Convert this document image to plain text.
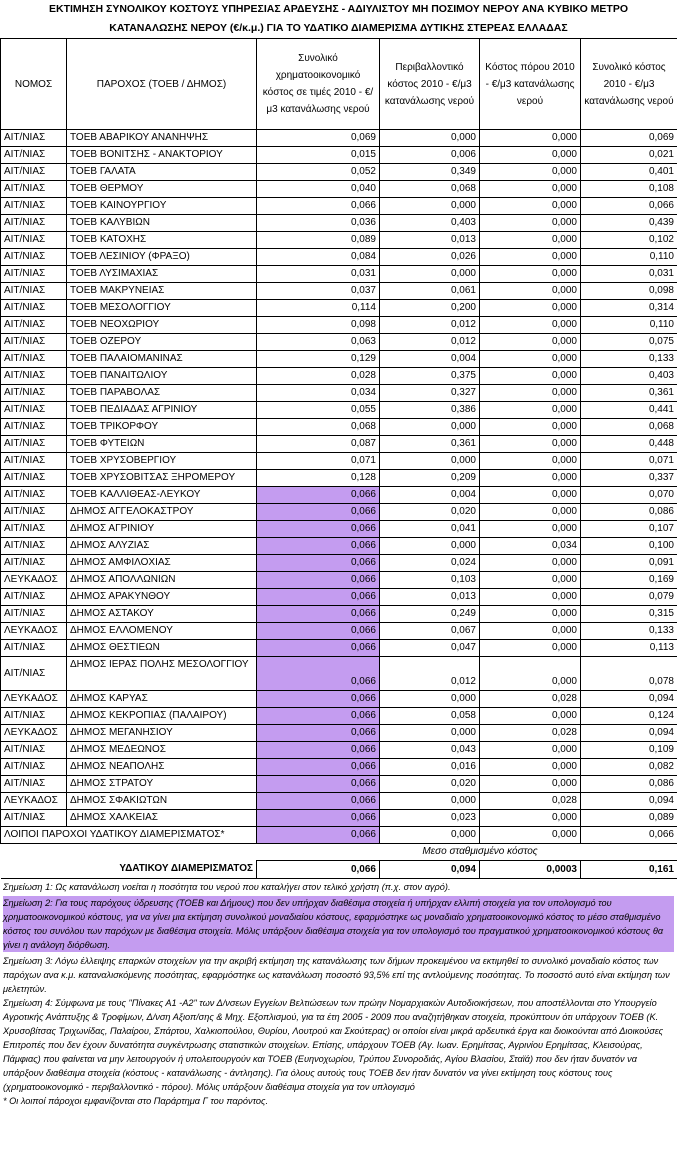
ΕΚΤΙΜΗΣΗ ΣΥΝΟΛΙΚΟΥ ΚΟΣΤΟΥΣ ΥΠΗΡΕΣΙΑΣ ΑΡΔΕΥΣΗΣ - ΑΔΙΥΛΙΣΤΟΥ ΜΗ ΠΟΣΙΜΟΥ ΝΕΡΟΥ ΑΝΑ ΚΥΒΙΚΟ ΜΕΤΡΟ
ΚΑΤΑΝΑΛΩΣΗΣ ΝΕΡΟΥ (€/κ.μ.) ΓΙΑ ΤΟ ΥΔΑΤΙΚΟ ΔΙΑΜΕΡΙΣΜΑ ΔΥΤΙΚΗΣ ΣΤΕΡΕΑΣ ΕΛΛΑΔΑΣ
ΝΟΜΟΣ	ΠΑΡΟΧΟΣ (ΤΟΕΒ / ΔΗΜΟΣ)	Συνολικό χρηματοοικονομικό κόστος σε τιμές 2010 - €/μ3 κατανάλωσης νερού	Περιβαλλοντικό κόστος 2010 - €/μ3 κατανάλωσης νερού	Κόστος πόρου 2010 - €/μ3 κατανάλωσης νερού	Συνολικό κόστος 2010 - €/μ3 κατανάλωσης νερού
ΑΙΤ/ΝΙΑΣ	ΤΟΕΒ ΑΒΑΡΙΚΟΥ ΑΝΑΝΗΨΗΣ	0,069	0,000	0,000	0,069
ΑΙΤ/ΝΙΑΣ	ΤΟΕΒ ΒΟΝΙΤΣΗΣ - ΑΝΑΚΤΟΡΙΟΥ	0,015	0,006	0,000	0,021
ΑΙΤ/ΝΙΑΣ	ΤΟΕΒ ΓΑΛΑΤΑ	0,052	0,349	0,000	0,401
ΑΙΤ/ΝΙΑΣ	ΤΟΕΒ ΘΕΡΜΟΥ	0,040	0,068	0,000	0,108
ΑΙΤ/ΝΙΑΣ	ΤΟΕΒ ΚΑΙΝΟΥΡΓΙΟΥ	0,066	0,000	0,000	0,066
ΑΙΤ/ΝΙΑΣ	ΤΟΕΒ ΚΑΛΥΒΙΩΝ	0,036	0,403	0,000	0,439
ΑΙΤ/ΝΙΑΣ	ΤΟΕΒ ΚΑΤΟΧΗΣ	0,089	0,013	0,000	0,102
ΑΙΤ/ΝΙΑΣ	ΤΟΕΒ ΛΕΣΙΝΙΟΥ (ΦΡΑΞΟ)	0,084	0,026	0,000	0,110
ΑΙΤ/ΝΙΑΣ	ΤΟΕΒ ΛΥΣΙΜΑΧΙΑΣ	0,031	0,000	0,000	0,031
ΑΙΤ/ΝΙΑΣ	ΤΟΕΒ ΜΑΚΡΥΝΕΙΑΣ	0,037	0,061	0,000	0,098
ΑΙΤ/ΝΙΑΣ	ΤΟΕΒ ΜΕΣΟΛΟΓΓΙΟΥ	0,114	0,200	0,000	0,314
ΑΙΤ/ΝΙΑΣ	ΤΟΕΒ ΝΕΟΧΩΡΙΟΥ	0,098	0,012	0,000	0,110
ΑΙΤ/ΝΙΑΣ	ΤΟΕΒ ΟΖΕΡΟΥ	0,063	0,012	0,000	0,075
ΑΙΤ/ΝΙΑΣ	ΤΟΕΒ ΠΑΛΑΙΟΜΑΝΙΝΑΣ	0,129	0,004	0,000	0,133
ΑΙΤ/ΝΙΑΣ	ΤΟΕΒ ΠΑΝΑΙΤΩΛΙΟΥ	0,028	0,375	0,000	0,403
ΑΙΤ/ΝΙΑΣ	ΤΟΕΒ ΠΑΡΑΒΟΛΑΣ	0,034	0,327	0,000	0,361
ΑΙΤ/ΝΙΑΣ	ΤΟΕΒ ΠΕΔΙΑΔΑΣ ΑΓΡΙΝΙΟΥ	0,055	0,386	0,000	0,441
ΑΙΤ/ΝΙΑΣ	ΤΟΕΒ ΤΡΙΚΟΡΦΟΥ	0,068	0,000	0,000	0,068
ΑΙΤ/ΝΙΑΣ	ΤΟΕΒ ΦΥΤΕΙΩΝ	0,087	0,361	0,000	0,448
ΑΙΤ/ΝΙΑΣ	ΤΟΕΒ ΧΡΥΣΟΒΕΡΓΙΟΥ	0,071	0,000	0,000	0,071
ΑΙΤ/ΝΙΑΣ	ΤΟΕΒ ΧΡΥΣΟΒΙΤΣΑΣ ΞΗΡΟΜΕΡΟΥ	0,128	0,209	0,000	0,337
ΑΙΤ/ΝΙΑΣ	ΤΟΕΒ ΚΑΛΛΙΘΕΑΣ-ΛΕΥΚΟΥ	0,066	0,004	0,000	0,070
ΑΙΤ/ΝΙΑΣ	ΔΗΜΟΣ ΑΓΓΕΛΟΚΑΣΤΡΟΥ	0,066	0,020	0,000	0,086
ΑΙΤ/ΝΙΑΣ	ΔΗΜΟΣ ΑΓΡΙΝΙΟΥ	0,066	0,041	0,000	0,107
ΑΙΤ/ΝΙΑΣ	ΔΗΜΟΣ ΑΛΥΖΙΑΣ	0,066	0,000	0,034	0,100
ΑΙΤ/ΝΙΑΣ	ΔΗΜΟΣ ΑΜΦΙΛΟΧΙΑΣ	0,066	0,024	0,000	0,091
ΛΕΥΚΑΔΟΣ	ΔΗΜΟΣ ΑΠΟΛΛΩΝΙΩΝ	0,066	0,103	0,000	0,169
ΑΙΤ/ΝΙΑΣ	ΔΗΜΟΣ ΑΡΑΚΥΝΘΟΥ	0,066	0,013	0,000	0,079
ΑΙΤ/ΝΙΑΣ	ΔΗΜΟΣ ΑΣΤΑΚΟΥ	0,066	0,249	0,000	0,315
ΛΕΥΚΑΔΟΣ	ΔΗΜΟΣ ΕΛΛΟΜΕΝΟΥ	0,066	0,067	0,000	0,133
ΑΙΤ/ΝΙΑΣ	ΔΗΜΟΣ ΘΕΣΤΙΕΩΝ	0,066	0,047	0,000	0,113
ΑΙΤ/ΝΙΑΣ	ΔΗΜΟΣ ΙΕΡΑΣ ΠΟΛΗΣ ΜΕΣΟΛΟΓΓΙΟΥ	0,066	0,012	0,000	0,078
ΛΕΥΚΑΔΟΣ	ΔΗΜΟΣ ΚΑΡΥΑΣ	0,066	0,000	0,028	0,094
ΑΙΤ/ΝΙΑΣ	ΔΗΜΟΣ ΚΕΚΡΟΠΙΑΣ (ΠΑΛΑΙΡΟΥ)	0,066	0,058	0,000	0,124
ΛΕΥΚΑΔΟΣ	ΔΗΜΟΣ ΜΕΓΑΝΗΣΙΟΥ	0,066	0,000	0,028	0,094
ΑΙΤ/ΝΙΑΣ	ΔΗΜΟΣ ΜΕΔΕΩΝΟΣ	0,066	0,043	0,000	0,109
ΑΙΤ/ΝΙΑΣ	ΔΗΜΟΣ ΝΕΑΠΟΛΗΣ	0,066	0,016	0,000	0,082
ΑΙΤ/ΝΙΑΣ	ΔΗΜΟΣ ΣΤΡΑΤΟΥ	0,066	0,020	0,000	0,086
ΛΕΥΚΑΔΟΣ	ΔΗΜΟΣ ΣΦΑΚΙΩΤΩΝ	0,066	0,000	0,028	0,094
ΑΙΤ/ΝΙΑΣ	ΔΗΜΟΣ ΧΑΛΚΕΙΑΣ	0,066	0,023	0,000	0,089
ΛΟΙΠΟΙ ΠΑΡΟΧΟΙ ΥΔΑΤΙΚΟΥ ΔΙΑΜΕΡΙΣΜΑΤΟΣ*		0,066	0,000	0,000	0,066
			Μεσο σταθμισμένο κόστος		
ΥΔΑΤΙΚΟΥ ΔΙΑΜΕΡΙΣΜΑΤΟΣ		0,066	0,094	0,0003	0,161

Σημείωση 1: Ως κατανάλωση νοείται η ποσότητα του νερού που καταλήγει στον τελικό χρήστη (π.χ. στον αγρό).

Σημείωση 2: Για τους παρόχους ύδρευσης (ΤΟΕΒ και Δήμους) που δεν υπήρχαν διαθέσιμα στοιχεία ή υπήρχαν ελλιπή στοιχεία για τον υπολογισμό του χρηματοοικονομικού κόστους, για να γίνει μια εκτίμηση συνολικού μοναδιαίου κόστους, εφαρμόστηκε ως μοναδιαίο χρηματοοικονομικό κόστος το μέσο σταθμισμένο κόστος του συνόλου των παρόχων με διαθέσιμα στοιχεία. Μόλις υπάρξουν διαθέσιμα στοιχεία για τον υπολογισμό του πραγματικού χρηματοοικονομικού κόστους θα γίνει η ανάλογη διόρθωση.

Σημείωση 3: Λόγω έλλειψης επαρκών στοιχείων για την ακριβή εκτίμηση της κατανάλωσης των δήμων προκειμένου να εκτιμηθεί το συνολικό μοναδιαίο κόστος των παρόχων ανα κ.μ. καταναλισκόμενης ποσότητας, εφαρμόστηκε ως κατανάλωση ποσοστό 93,5% επί της αντλούμενης ποσότητας. Το ποσοστό αυτό είναι εκτίμηση των μελετητών.

Σημείωση 4: Σύμφωνα με τους "Πίνακες Α1 -Α2" των Δ/νσεων Εγγείων Βελτιώσεων των πρώην Νομαρχιακών Αυτοδιοικήσεων, που αποστέλλονται στο Υπουργείο Αγροτικής Ανάπτυξης & Τροφίμων, Δ/νση Αξιοπ/σης & Μηχ. Εξοπλισμού, για τα έτη 2005 - 2009 που αναζητήθηκαν στοιχεία, προκύπτουν ότι υπάρχουν ΤΟΕΒ (Κ. Χρυσοβίτσας Τριχωνίδας, Παλαίρου, Σπάρτου, Χαλκιοπούλου, Θυρίου, Λουτρού και Σκούτερας) οι οποίοι είναι μικρά αρδευτικά έργα και διοικούνται από Διοικούσες Επιτροπές που δεν έχουν δυνατότητα συγκέντρωσης στατιστικών στοιχείων. Επίσης, υπάρχουν ΤΟΕΒ (Αγ. Ιωαν. Ερημίτσας, Αγρινίου Ερημίτσας, Κλεισούρας, Πάμφιας) που φαίνεται να μην λειτουργούν ή υπολειτουργούν και ΤΟΕΒ (Ευηνοχωρίου, Τρύπου Συνοροδιάς, Αγίου Βλασίου, Σταϊά) που δεν ήταν δυνατόν να υπάρξουν διαθέσιμα στοιχεία (κόστους - κατανάλωσης - άντλησης). Για όλους αυτούς τους ΤΟΕΒ δεν ήταν δυνατόν να γίνει εκτίμηση τους κόστους τους (χρηματοοικονομικό - περιβαλλοντικό - πόρου). Μόλις υπάρξουν διαθέσιμα στοιχεία για τον υπλογισμό

* Οι λοιποί πάροχοι εμφανίζονται στο Παράρτημα Γ του παρόντος.
